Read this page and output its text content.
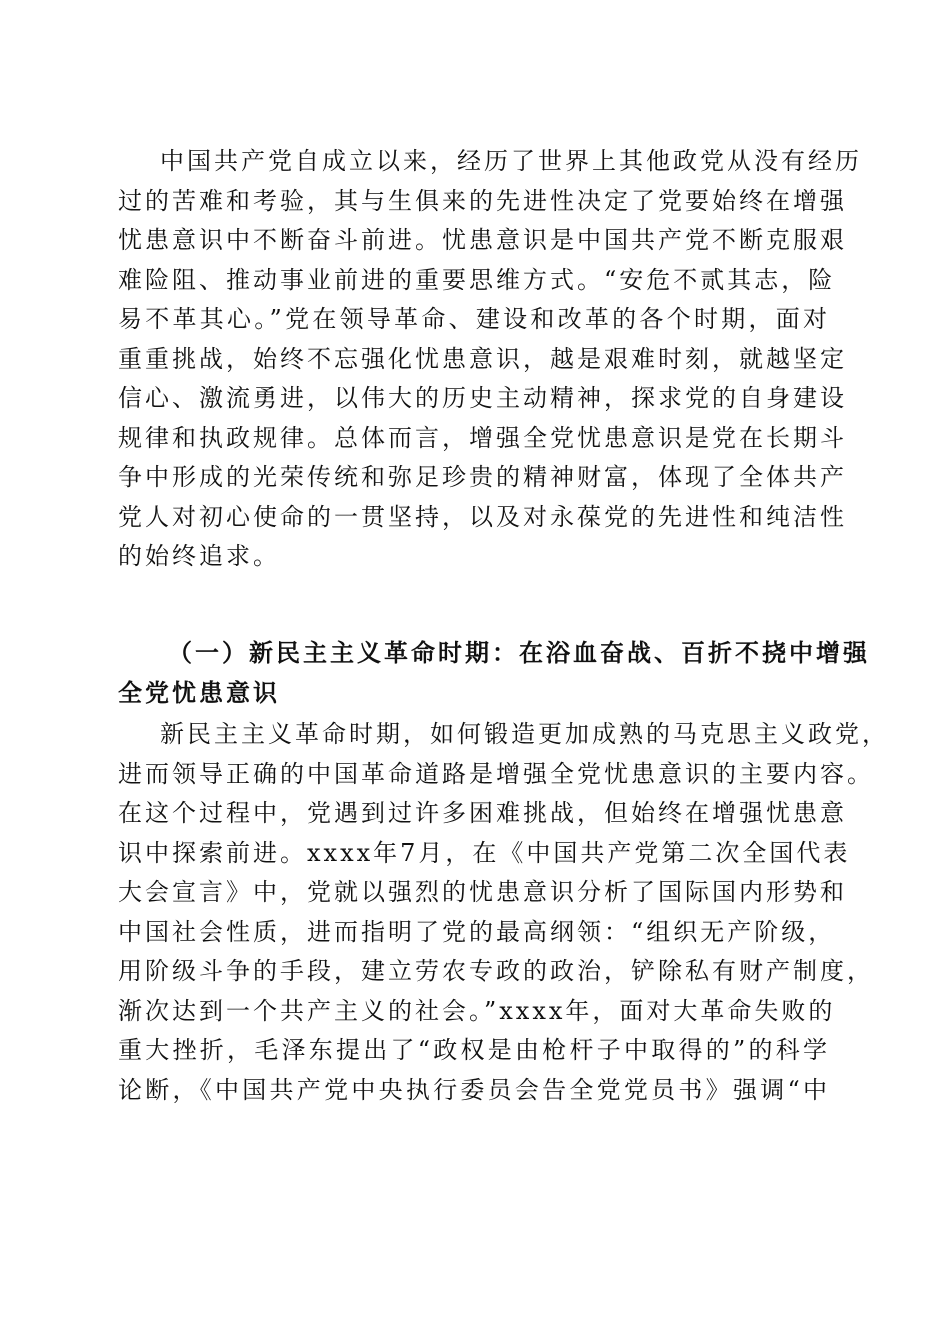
中国共产党自成立以来，经历了世界上其他政党从没有经历
过的苦难和考验，其与生俱来的先进性决定了党要始终在增强
忧患意识中不断奋斗前进。忧患意识是中国共产党不断克服艰
难险阻、推动事业前进的重要思维方式。“安危不贰其志，险
易不革其心。”党在领导革命、建设和改革的各个时期，面对
重重挑战，始终不忘强化忧患意识，越是艰难时刻，就越坚定
信心、激流勇进，以伟大的历史主动精神，探求党的自身建设
规律和执政规律。总体而言，增强全党忧患意识是党在长期斗
争中形成的光荣传统和弥足珍贵的精神财富，体现了全体共产
党人对初心使命的一贯坚持，以及对永葆党的先进性和纯洁性
的始终追求。
（一）新民主主义革命时期：在浴血奋战、百折不挠中增强
全党忧患意识
新民主主义革命时期，如何锻造更加成熟的马克思主义政党，
进而领导正确的中国革命道路是增强全党忧患意识的主要内容。
在这个过程中，党遇到过许多困难挑战，但始终在增强忧患意
识中探索前进。xxxx年7月，在《中国共产党第二次全国代表
大会宣言》中，党就以强烈的忧患意识分析了国际国内形势和
中国社会性质，进而指明了党的最高纲领：“组织无产阶级，
用阶级斗争的手段，建立劳农专政的政治，铲除私有财产制度，
渐次达到一个共产主义的社会。”xxxx年，面对大革命失败的
重大挫折，毛泽东提出了“政权是由枪杆子中取得的”的科学
论断，《中国共产党中央执行委员会告全党党员书》强调“中
